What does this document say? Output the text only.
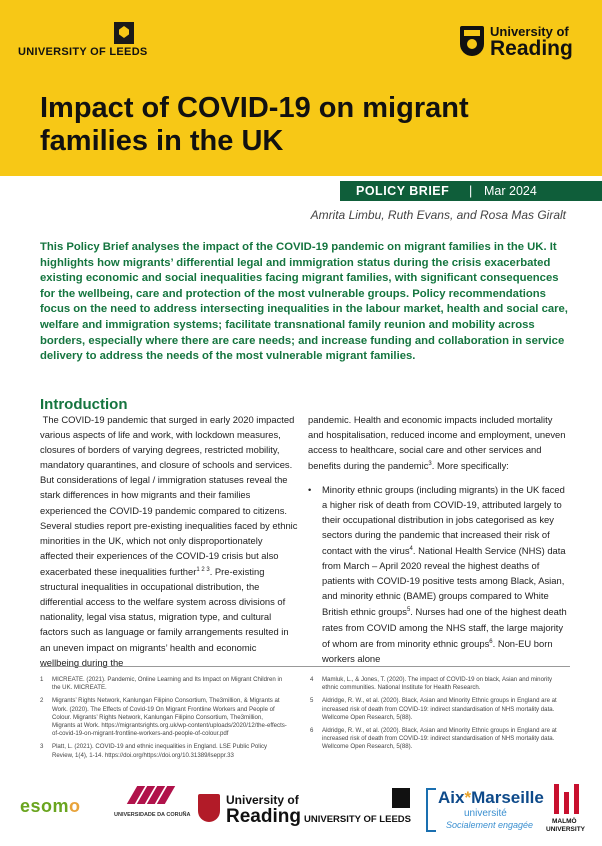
UNIVERSITY OF LEEDS
University of
Reading
Impact of COVID-19 on migrant families in the UK
POLICY BRIEF | Mar 2024
Amrita Limbu, Ruth Evans, and Rosa Mas Giralt

This Policy Brief analyses the impact of the COVID-19 pandemic on migrant families in the UK. It highlights how migrants’ differential legal and immigration status during the crisis exacerbated existing economic and social inequalities facing migrant families, with significant consequences for the wellbeing, care and protection of the most vulnerable groups. Policy recommendations focus on the need to address intersecting inequalities in the labour market, health and social care, welfare and immigration systems; facilitate transnational family reunion and mobility across borders, especially where there are care needs; and increase funding and collaboration in service delivery to address the needs of the most vulnerable migrant families.

Introduction

The COVID-19 pandemic that surged in early 2020 impacted various aspects of life and work, with lockdown measures, closures of borders of varying degrees, restricted mobility, mandatory quarantines, and closure of schools and services. But considerations of legal / immigration statuses reveal the stark differences in how migrants and their families experienced the COVID-19 pandemic compared to citizens. Several studies report pre-existing inequalities faced by ethnic minorities in the UK, which not only disproportionately affected their experiences of the COVID-19 crisis but also exacerbated these inequalities further$^{1 2 3}$. Pre-existing structural inequalities in occupational distribution, the differential access to the welfare system across divisions of nationality, legal visa status, migration type, and cultural factors such as language or family arrangements resulted in an uneven impact on migrants’ health and economic wellbeing during the

pandemic. Health and economic impacts included mortality and hospitalisation, reduced income and employment, uneven access to healthcare, social care and other services and benefits during the pandemic$^3$. More specifically:

•	Minority ethnic groups (including migrants) in the UK faced a higher risk of death from COVID-19, attributed largely to their occupational distribution in jobs categorised as key sectors during the pandemic that increased their risk of contact with the virus$^4$. National Health Service (NHS) data from March – April 2020 reveal the highest deaths of patients with COVID-19 positive tests among Black, Asian, and minority ethnic (BAME) groups compared to White British ethnic groups$^5$. Nurses had one of the highest death rates from COVID among the NHS staff, the large majority of whom are from minority ethnic groups$^6$. Non-EU born workers alone
1	MICREATE. (2021). Pandemic, Online Learning and Its Impact on Migrant Children in the UK. MICREATE.
2	Migrants’ Rights Network, Kanlungan Filipino Consortium, The3million, & Migrants at Work. (2020). The Effects of Covid-19 On Migrant Frontline Workers and People of Colour. Migrants’ Rights Network, Kanlungan Filipino Consortium, The3million, Migrants at Work. https://migrantsrights.org.uk/wp-content/uploads/2020/12/the-effects-of-covid-19-on-migrant-frontline-workers-and-people-of-colour.pdf
3	Platt, L. (2021). COVID-19 and ethnic inequalities in England. LSE Public Policy Review, 1(4), 1-14. https://doi.org/https://doi.org/10.31389/lseppr.33
4	Mamluk, L., & Jones, T. (2020). The impact of COVID-19 on black, Asian and minority ethnic communities. National Institute for Health Research.
5	Aldridge, R. W., et al. (2020). Black, Asian and Minority Ethnic groups in England are at increased risk of death from COVID-19: indirect standardisation of NHS mortality data. Wellcome Open Research, 5(88).
6	Aldridge, R. W., et al. (2020). Black, Asian and Minority Ethnic groups in England are at increased risk of death from COVID-19: indirect standardisation of NHS mortality data. Wellcome Open Research, 5(88).
esomo	UNIVERSIDADE DA CORUÑA
University of
Reading UNIVERSITY OF LEEDS
Aix*Marseille
université
Socialement engagée	MALMÖ
UNIVERSITY
